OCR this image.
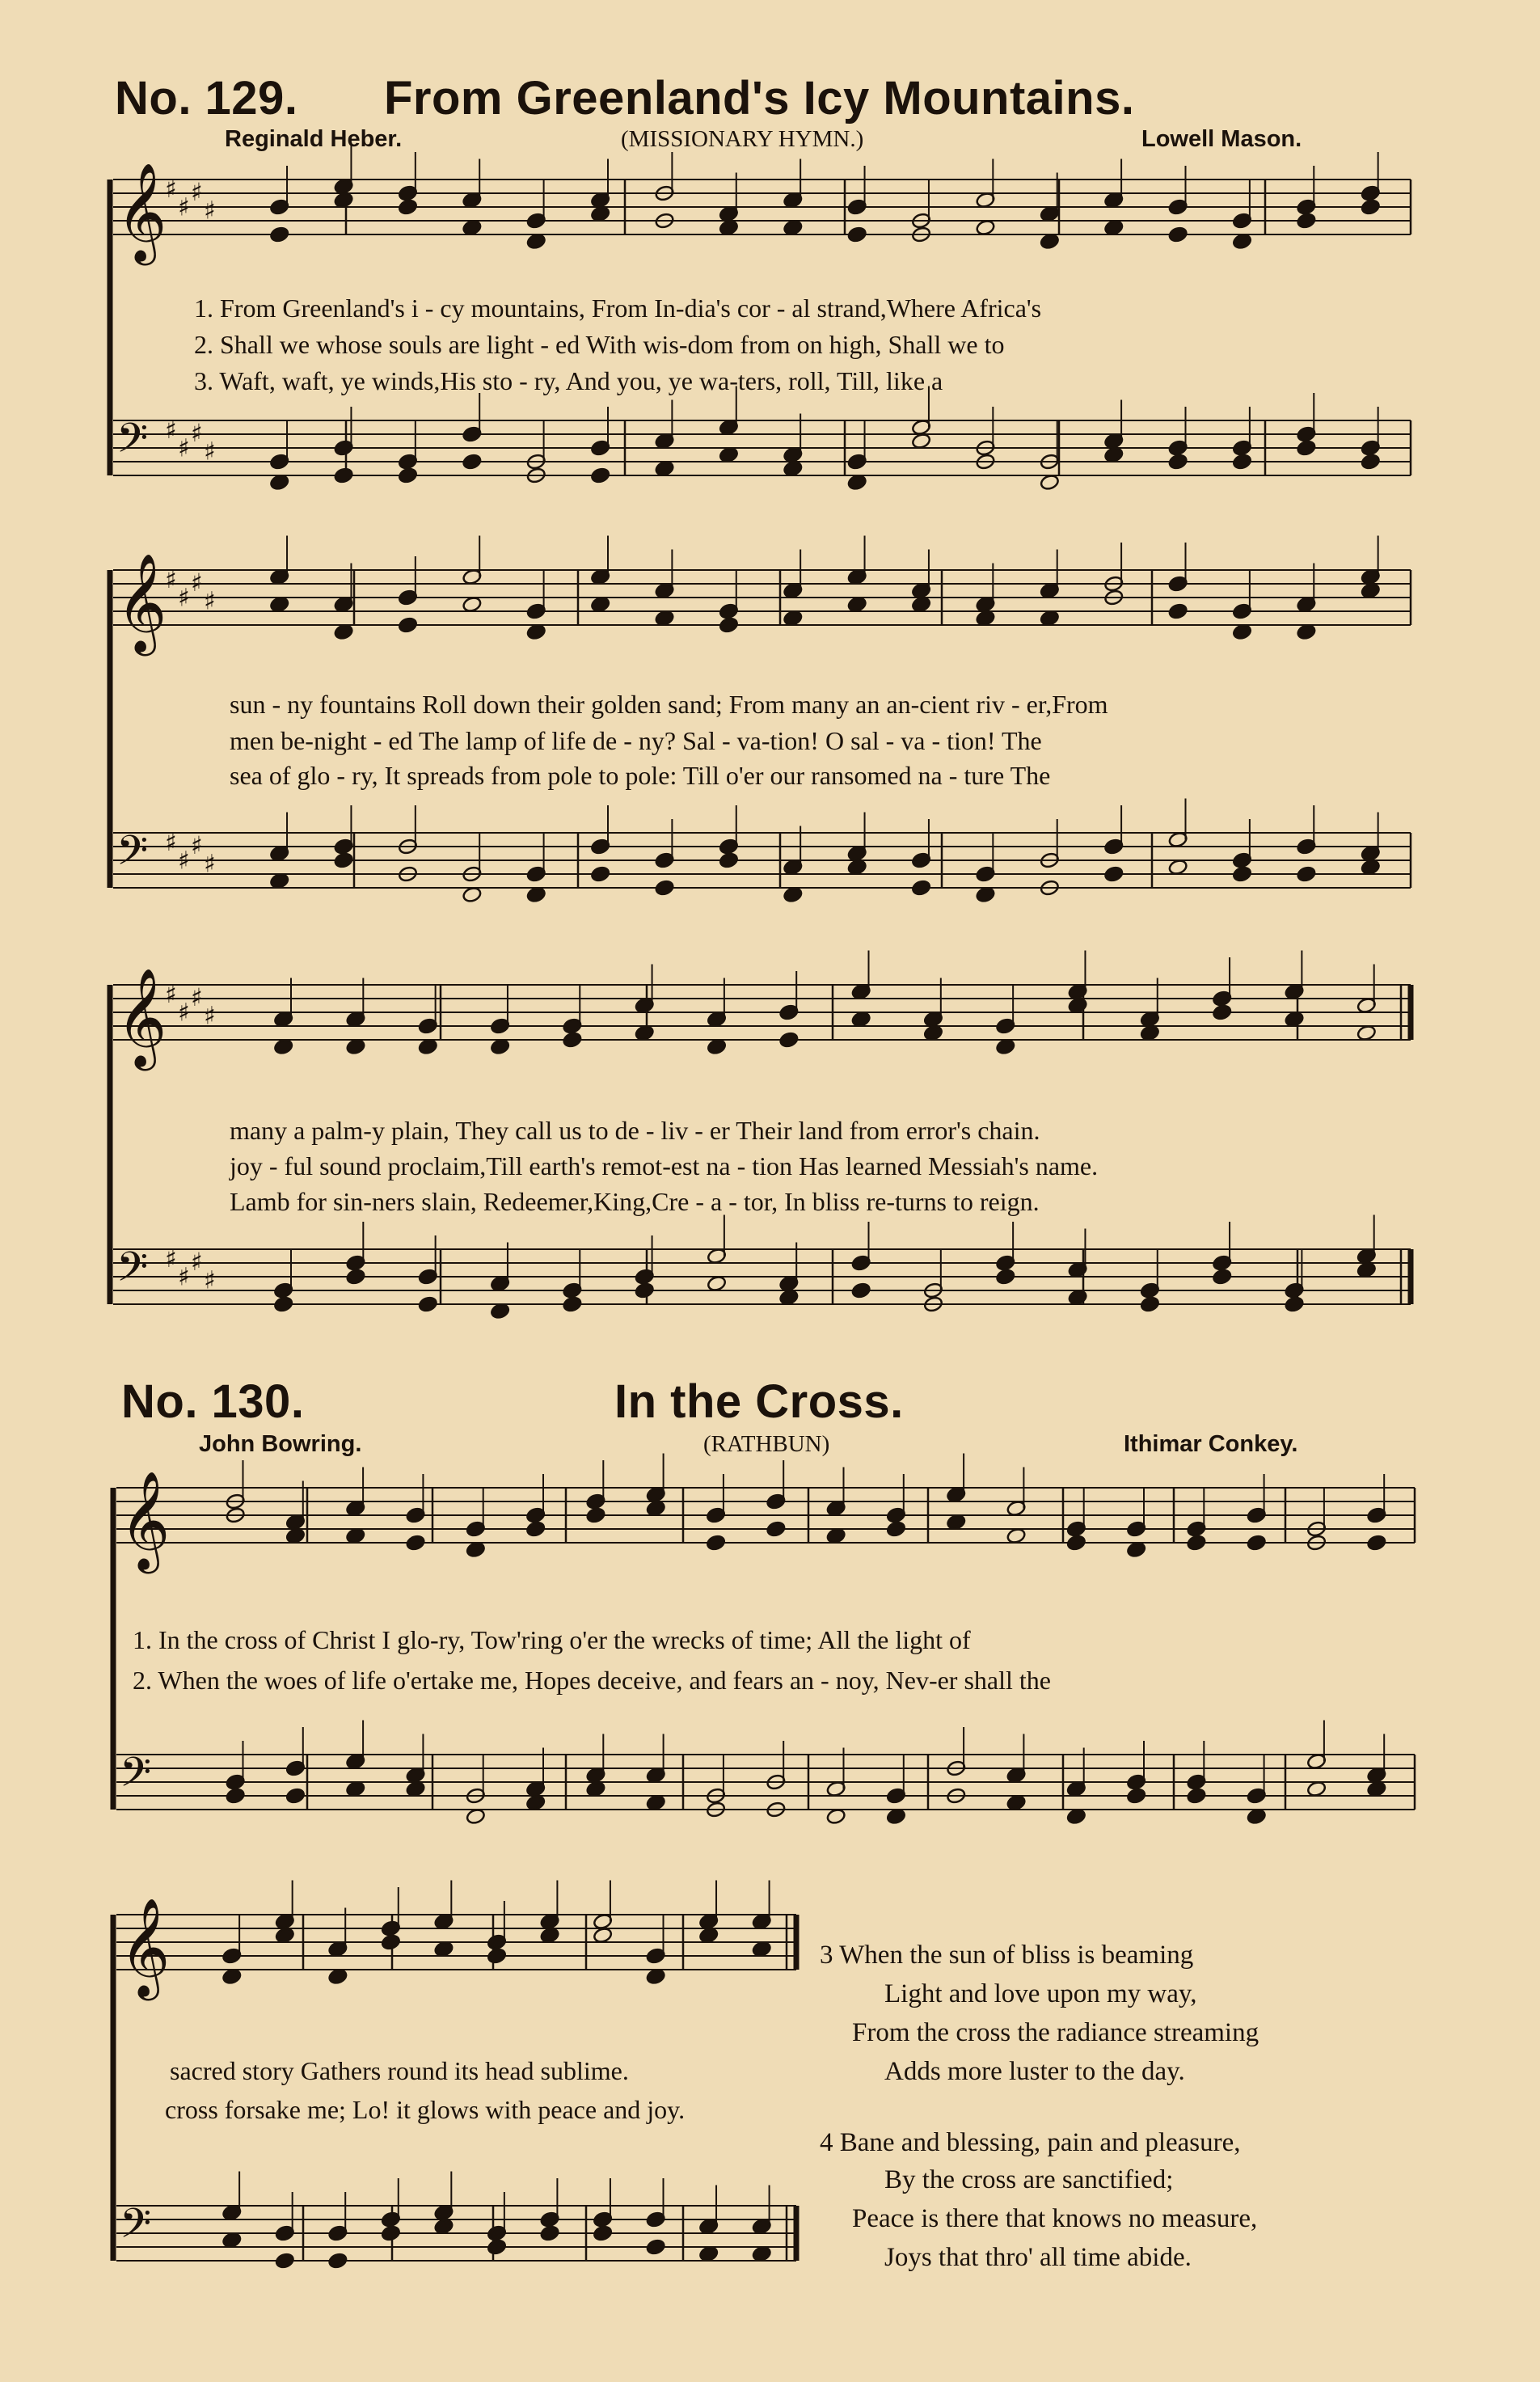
No. 129. From Greenland's Icy Mountains.
Reginald Heber.	(MISSIONARY HYMN.)	Lowell Mason.
1. From Greenland's i - cy mountains, From In-dia's cor - al strand,Where Africa's
2. Shall we whose souls are light - ed With wis-dom from on high, Shall we to
3. Waft, waft, ye winds,His sto - ry, And you, ye wa-ters, roll, Till, like a
sun - ny fountains Roll down their golden sand; From many an an-cient riv - er,From
men be-night - ed The lamp of life de - ny? Sal - va-tion! O sal - va - tion! The
sea of glo - ry, It spreads from pole to pole: Till o'er our ransomed na - ture The
many a palm-y plain, They call us to de - liv - er Their land from error's chain.
joy - ful sound proclaim,Till earth's remot-est na - tion Has learned Messiah's name.
Lamb for sin-ners slain, Redeemer,King,Cre - a - tor, In bliss re-turns to reign.
No. 130.	In the Cross.
John Bowring.	(RATHBUN)	Ithimar Conkey.
1. In the cross of Christ I glo-ry, Tow'ring o'er the wrecks of time; All the light of
2. When the woes of life o'ertake me, Hopes deceive, and fears an - noy, Nev-er shall the
sacred story Gathers round its head sublime.
cross forsake me; Lo! it glows with peace and joy.
3 When the sun of bliss is beaming
Light and love upon my way,
From the cross the radiance streaming
Adds more luster to the day.
4 Bane and blessing, pain and pleasure,
By the cross are sanctified;
Peace is there that knows no measure,
Joys that thro' all time abide.
𝄞
♯
♯
♯
♯
𝄢 ♯
♯
♯
♯
𝄞
♯
♯
♯
♯
𝄢 ♯
♯
♯
♯
𝄞
♯
♯
♯
♯
𝄢 ♯
♯
♯
♯
𝄞
𝄢
𝄞
𝄢
